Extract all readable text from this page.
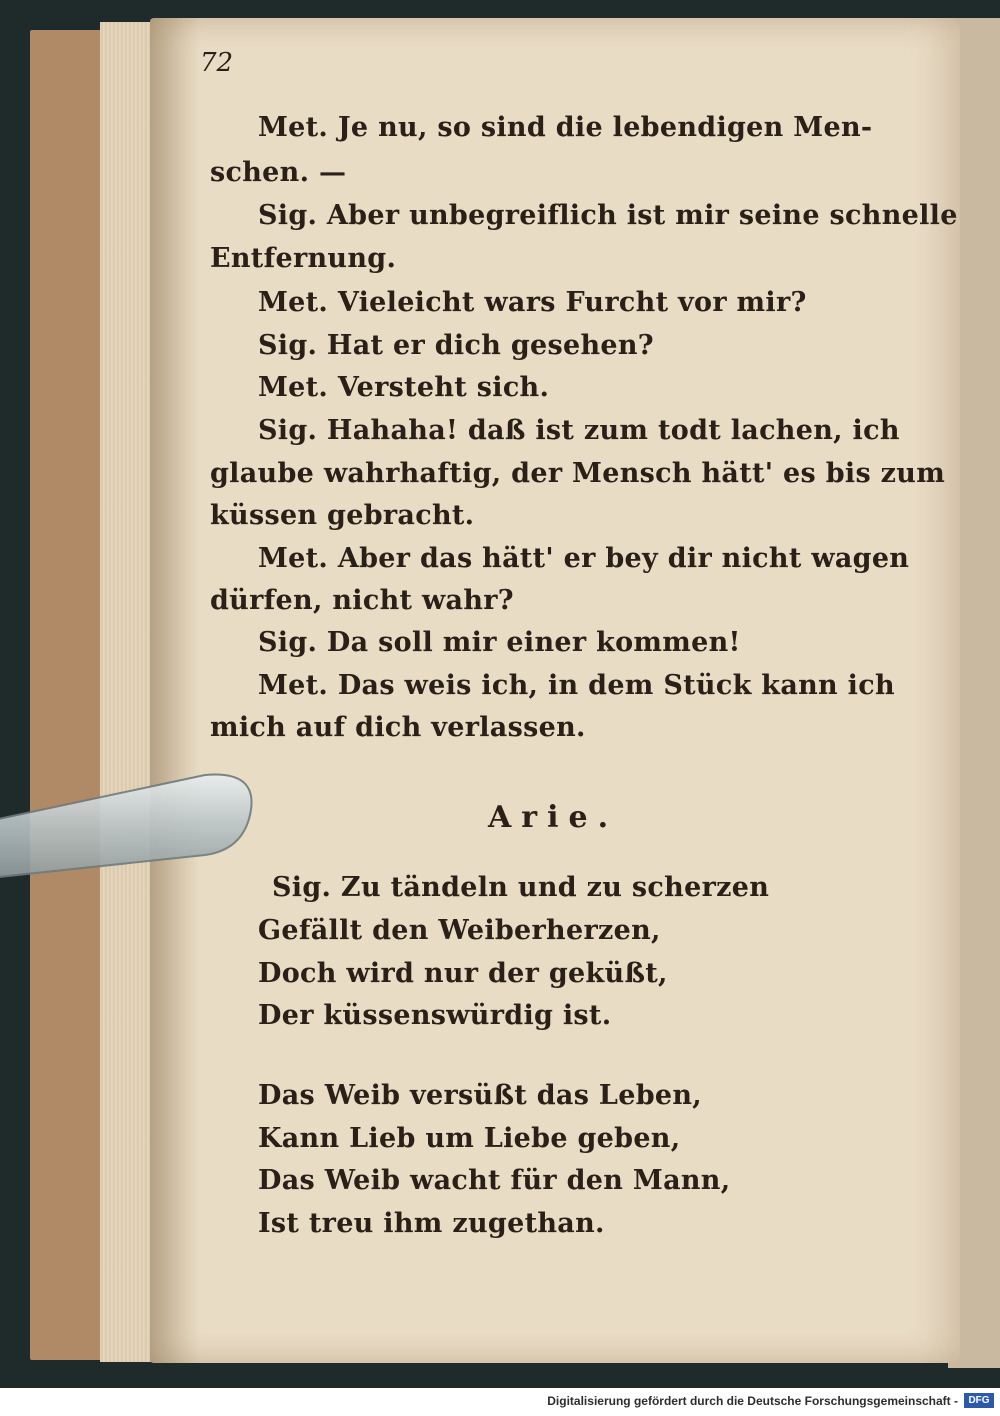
72
Met. Je nu, so sind die lebendigen Men-
schen. —
Sig. Aber unbegreiflich ist mir seine schnelle
Entfernung.
Met. Vieleicht wars Furcht vor mir?
Sig. Hat er dich gesehen?
Met. Versteht sich.
Sig. Hahaha! daß ist zum todt lachen, ich
glaube wahrhaftig, der Mensch hätt' es bis zum
küssen gebracht.
Met. Aber das hätt' er bey dir nicht wagen
dürfen, nicht wahr?
Sig. Da soll mir einer kommen!
Met. Das weis ich, in dem Stück kann ich
mich auf dich verlassen.
Arie.
Sig. Zu tändeln und zu scherzen
Gefällt den Weiberherzen,
Doch wird nur der geküßt,
Der küssenswürdig ist.
Das Weib versüßt das Leben,
Kann Lieb um Liebe geben,
Das Weib wacht für den Mann,
Ist treu ihm zugethan.
Digitalisierung gefördert durch die Deutsche Forschungsgemeinschaft -	DFG
